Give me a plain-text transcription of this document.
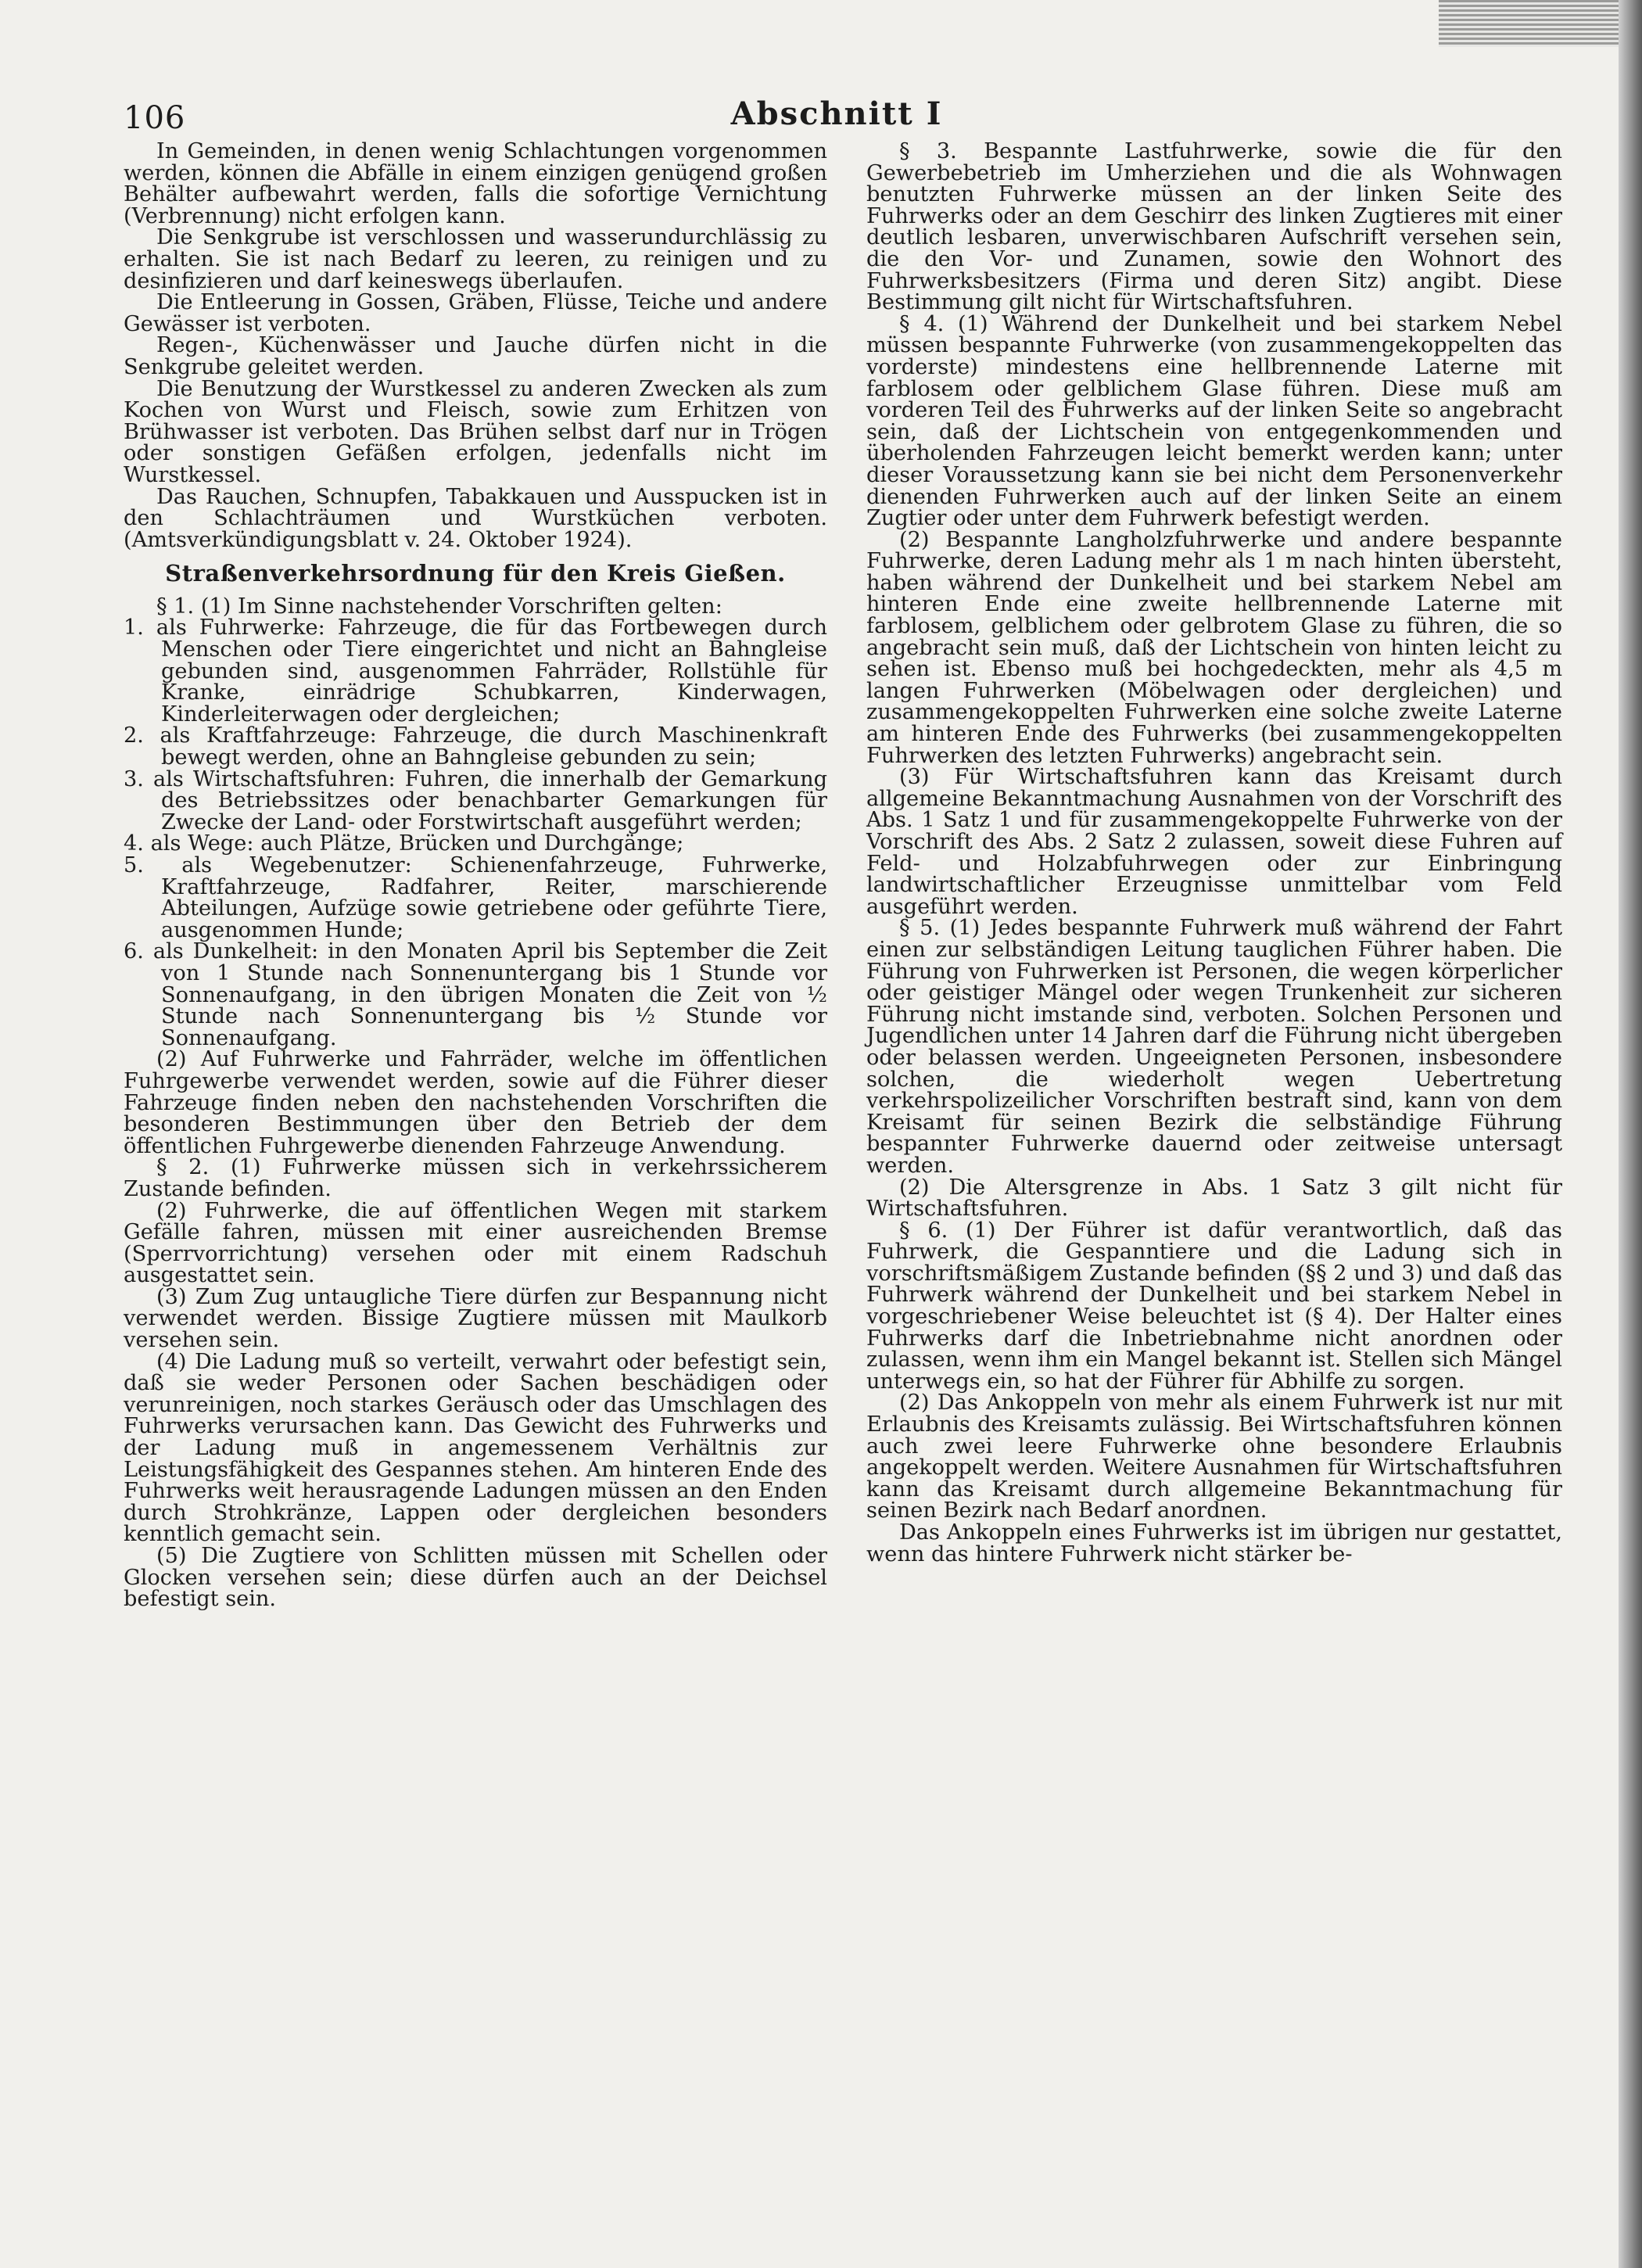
106	Abschnitt I

In Gemeinden, in denen wenig Schlachtungen vorgenommen werden, können die Abfälle in einem einzigen genügend großen Behälter aufbewahrt werden, falls die sofortige Vernichtung (Verbrennung) nicht erfolgen kann.

Die Senkgrube ist verschlossen und wasserundurchlässig zu erhalten. Sie ist nach Bedarf zu leeren, zu reinigen und zu desinfizieren und darf keineswegs überlaufen.

Die Entleerung in Gossen, Gräben, Flüsse, Teiche und andere Gewässer ist verboten.

Regen-, Küchenwässer und Jauche dürfen nicht in die Senkgrube geleitet werden.

Die Benutzung der Wurstkessel zu anderen Zwecken als zum Kochen von Wurst und Fleisch, sowie zum Erhitzen von Brühwasser ist verboten. Das Brühen selbst darf nur in Trögen oder sonstigen Gefäßen erfolgen, jedenfalls nicht im Wurstkessel.

Das Rauchen, Schnupfen, Tabakkauen und Ausspucken ist in den Schlachträumen und Wurstküchen verboten. (Amtsverkündigungsblatt v. 24. Oktober 1924).

Straßenverkehrsordnung für den Kreis Gießen.

§ 1. (1) Im Sinne nachstehender Vorschriften gelten:

1. als Fuhrwerke: Fahrzeuge, die für das Fortbewegen durch Menschen oder Tiere eingerichtet und nicht an Bahngleise gebunden sind, ausgenommen Fahrräder, Rollstühle für Kranke, einrädrige Schubkarren, Kinderwagen, Kinderleiterwagen oder dergleichen;
2. als Kraftfahrzeuge: Fahrzeuge, die durch Maschinenkraft bewegt werden, ohne an Bahngleise gebunden zu sein;
3. als Wirtschaftsfuhren: Fuhren, die innerhalb der Gemarkung des Betriebssitzes oder benachbarter Gemarkungen für Zwecke der Land- oder Forstwirtschaft ausgeführt werden;
4. als Wege: auch Plätze, Brücken und Durchgänge;
5. als Wegebenutzer: Schienenfahrzeuge, Fuhrwerke, Kraftfahrzeuge, Radfahrer, Reiter, marschierende Abteilungen, Aufzüge sowie getriebene oder geführte Tiere, ausgenommen Hunde;
6. als Dunkelheit: in den Monaten April bis September die Zeit von 1 Stunde nach Sonnenuntergang bis 1 Stunde vor Sonnenaufgang, in den übrigen Monaten die Zeit von ½ Stunde nach Sonnenuntergang bis ½ Stunde vor Sonnenaufgang.

(2) Auf Fuhrwerke und Fahrräder, welche im öffentlichen Fuhrgewerbe verwendet werden, sowie auf die Führer dieser Fahrzeuge finden neben den nachstehenden Vorschriften die besonderen Bestimmungen über den Betrieb der dem öffentlichen Fuhrgewerbe dienenden Fahrzeuge Anwendung.

§ 2. (1) Fuhrwerke müssen sich in verkehrssicherem Zustande befinden.

(2) Fuhrwerke, die auf öffentlichen Wegen mit starkem Gefälle fahren, müssen mit einer ausreichenden Bremse (Sperrvorrichtung) versehen oder mit einem Radschuh ausgestattet sein.

(3) Zum Zug untaugliche Tiere dürfen zur Bespannung nicht verwendet werden. Bissige Zugtiere müssen mit Maulkorb versehen sein.

(4) Die Ladung muß so verteilt, verwahrt oder befestigt sein, daß sie weder Personen oder Sachen beschädigen oder verunreinigen, noch starkes Geräusch oder das Umschlagen des Fuhrwerks verursachen kann. Das Gewicht des Fuhrwerks und der Ladung muß in angemessenem Verhältnis zur Leistungsfähigkeit des Gespannes stehen. Am hinteren Ende des Fuhrwerks weit herausragende Ladungen müssen an den Enden durch Strohkränze, Lappen oder dergleichen besonders kenntlich gemacht sein.

(5) Die Zugtiere von Schlitten müssen mit Schellen oder Glocken versehen sein; diese dürfen auch an der Deichsel befestigt sein.

§ 3. Bespannte Lastfuhrwerke, sowie die für den Gewerbebetrieb im Umherziehen und die als Wohnwagen benutzten Fuhrwerke müssen an der linken Seite des Fuhrwerks oder an dem Geschirr des linken Zugtieres mit einer deutlich lesbaren, unverwischbaren Aufschrift versehen sein, die den Vor- und Zunamen, sowie den Wohnort des Fuhrwerksbesitzers (Firma und deren Sitz) angibt. Diese Bestimmung gilt nicht für Wirtschaftsfuhren.

§ 4. (1) Während der Dunkelheit und bei starkem Nebel müssen bespannte Fuhrwerke (von zusammengekoppelten das vorderste) mindestens eine hellbrennende Laterne mit farblosem oder gelblichem Glase führen. Diese muß am vorderen Teil des Fuhrwerks auf der linken Seite so angebracht sein, daß der Lichtschein von entgegenkommenden und überholenden Fahrzeugen leicht bemerkt werden kann; unter dieser Voraussetzung kann sie bei nicht dem Personenverkehr dienenden Fuhrwerken auch auf der linken Seite an einem Zugtier oder unter dem Fuhrwerk befestigt werden.

(2) Bespannte Langholzfuhrwerke und andere bespannte Fuhrwerke, deren Ladung mehr als 1 m nach hinten übersteht, haben während der Dunkelheit und bei starkem Nebel am hinteren Ende eine zweite hellbrennende Laterne mit farblosem, gelblichem oder gelbrotem Glase zu führen, die so angebracht sein muß, daß der Lichtschein von hinten leicht zu sehen ist. Ebenso muß bei hochgedeckten, mehr als 4,5 m langen Fuhrwerken (Möbelwagen oder dergleichen) und zusammengekoppelten Fuhrwerken eine solche zweite Laterne am hinteren Ende des Fuhrwerks (bei zusammengekoppelten Fuhrwerken des letzten Fuhrwerks) angebracht sein.

(3) Für Wirtschaftsfuhren kann das Kreisamt durch allgemeine Bekanntmachung Ausnahmen von der Vorschrift des Abs. 1 Satz 1 und für zusammengekoppelte Fuhrwerke von der Vorschrift des Abs. 2 Satz 2 zulassen, soweit diese Fuhren auf Feld- und Holzabfuhrwegen oder zur Einbringung landwirtschaftlicher Erzeugnisse unmittelbar vom Feld ausgeführt werden.

§ 5. (1) Jedes bespannte Fuhrwerk muß während der Fahrt einen zur selbständigen Leitung tauglichen Führer haben. Die Führung von Fuhrwerken ist Personen, die wegen körperlicher oder geistiger Mängel oder wegen Trunkenheit zur sicheren Führung nicht imstande sind, verboten. Solchen Personen und Jugendlichen unter 14 Jahren darf die Führung nicht übergeben oder belassen werden. Ungeeigneten Personen, insbesondere solchen, die wiederholt wegen Uebertretung verkehrspolizeilicher Vorschriften bestraft sind, kann von dem Kreisamt für seinen Bezirk die selbständige Führung bespannter Fuhrwerke dauernd oder zeitweise untersagt werden.

(2) Die Altersgrenze in Abs. 1 Satz 3 gilt nicht für Wirtschaftsfuhren.

§ 6. (1) Der Führer ist dafür verantwortlich, daß das Fuhrwerk, die Gespanntiere und die Ladung sich in vorschriftsmäßigem Zustande befinden (§§ 2 und 3) und daß das Fuhrwerk während der Dunkelheit und bei starkem Nebel in vorgeschriebener Weise beleuchtet ist (§ 4). Der Halter eines Fuhrwerks darf die Inbetriebnahme nicht anordnen oder zulassen, wenn ihm ein Mangel bekannt ist. Stellen sich Mängel unterwegs ein, so hat der Führer für Abhilfe zu sorgen.

(2) Das Ankoppeln von mehr als einem Fuhrwerk ist nur mit Erlaubnis des Kreisamts zulässig. Bei Wirtschaftsfuhren können auch zwei leere Fuhrwerke ohne besondere Erlaubnis angekoppelt werden. Weitere Ausnahmen für Wirtschaftsfuhren kann das Kreisamt durch allgemeine Bekanntmachung für seinen Bezirk nach Bedarf anordnen.

Das Ankoppeln eines Fuhrwerks ist im übrigen nur gestattet, wenn das hintere Fuhrwerk nicht stärker be-
